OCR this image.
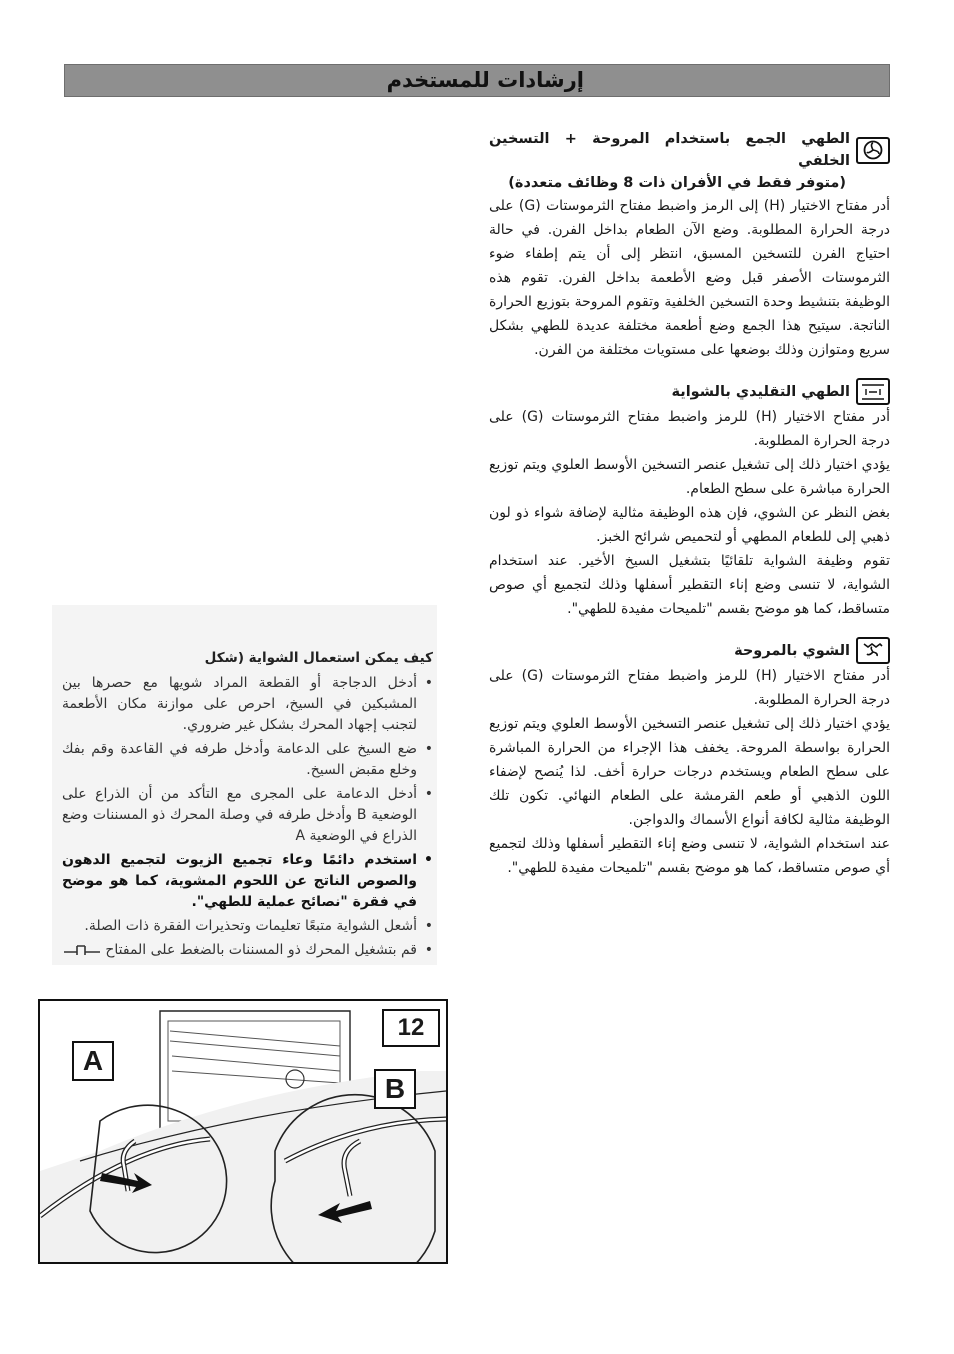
إرشادات للمستخدم
الطهي الجمع باستخدام المروحة + التسخين الخلفي
(متوفر فقط في الأفران ذات 8 وظائف متعددة)

أدر مفتاح الاختيار (H) إلى الرمز واضبط مفتاح الثرموستات (G) على درجة الحرارة المطلوبة. وضع الآن الطعام بداخل الفرن. في حالة احتياج الفرن للتسخين المسبق، انتظر إلى أن يتم إطفاء ضوء الثرموستات الأصفر قبل وضع الأطعمة بداخل الفرن. تقوم هذه الوظيفة بتنشيط وحدة التسخين الخلفية وتقوم المروحة بتوزيع الحرارة الناتجة. سيتيح هذا الجمع وضع أطعمة مختلفة عديدة للطهي بشكل سريع ومتوازن وذلك بوضعها على مستويات مختلفة من الفرن.

الطهي التقليدي بالشواية

أدر مفتاح الاختيار (H) للرمز واضبط مفتاح الثرموستات (G) على درجة الحرارة المطلوبة.

يؤدي اختيار ذلك إلى تشغيل عنصر التسخين الأوسط العلوي ويتم توزيع الحرارة مباشرة على سطح الطعام.

بغض النظر عن الشوي، فإن هذه الوظيفة مثالية لإضافة شواء ذو لون ذهبي إلى للطعام المطهي أو لتحميص شرائح الخبز.

تقوم وظيفة الشواية تلقائيًا بتشغيل السيخ الأخير. عند استخدام الشواية، لا تنسى وضع إناء التقطير أسفلها وذلك لتجميع أي صوص متساقط، كما هو موضح بقسم "تلميحات مفيدة للطهي".

الشوي بالمروحة

أدر مفتاح الاختيار (H) للرمز واضبط مفتاح الثرموستات (G) على درجة الحرارة المطلوبة.

يؤدي اختيار ذلك إلى تشغيل عنصر التسخين الأوسط العلوي ويتم توزيع الحرارة بواسطة المروحة. يخفف هذا الإجراء من الحرارة المباشرة على سطح الطعام ويستخدم درجات حرارة أخف. لذا يُنصح لإضفاء اللون الذهبي أو طعم القرمشة على الطعام النهائي. تكون تلك الوظيفة مثالية لكافة أنواع الأسماك والدواجن.

عند استخدام الشواية، لا تنسى وضع إناء التقطير أسفلها وذلك لتجميع أي صوص متساقط، كما هو موضح بقسم "تلميحات مفيدة للطهي".

كيف يمكن استعمال الشواية (شكل
• أدخل الدجاجة أو القطعة المراد شويها مع حصرها بين المشبكين في السيخ، احرص على موازنة مكان الأطعمة لتجنب إجهاد المحرك بشكل غير ضروري.
• ضع السيخ على الدعامة وأدخل طرفه في القاعدة وقم بفك وخلع مقبض السيخ.
• أدخل الدعامة على المجرى مع التأكد من أن الذراع على الوضعية B وأدخل طرفه في وصلة المحرك ذو المسننات وضع الذراع في الوضعية A
• استخدم دائمًا وعاء تجميع الزيوت لتجميع الدهون والصوص الناتج عن اللحوم المشوية، كما هو موضح في فقرة "نصائح عملية للطهي".
• أشعل الشواية متبعًا تعليمات وتحذيرات الفقرة ذات الصلة.
• قم بتشغيل المحرك ذو المسننات بالضغط على المفتاح
12
A
B
